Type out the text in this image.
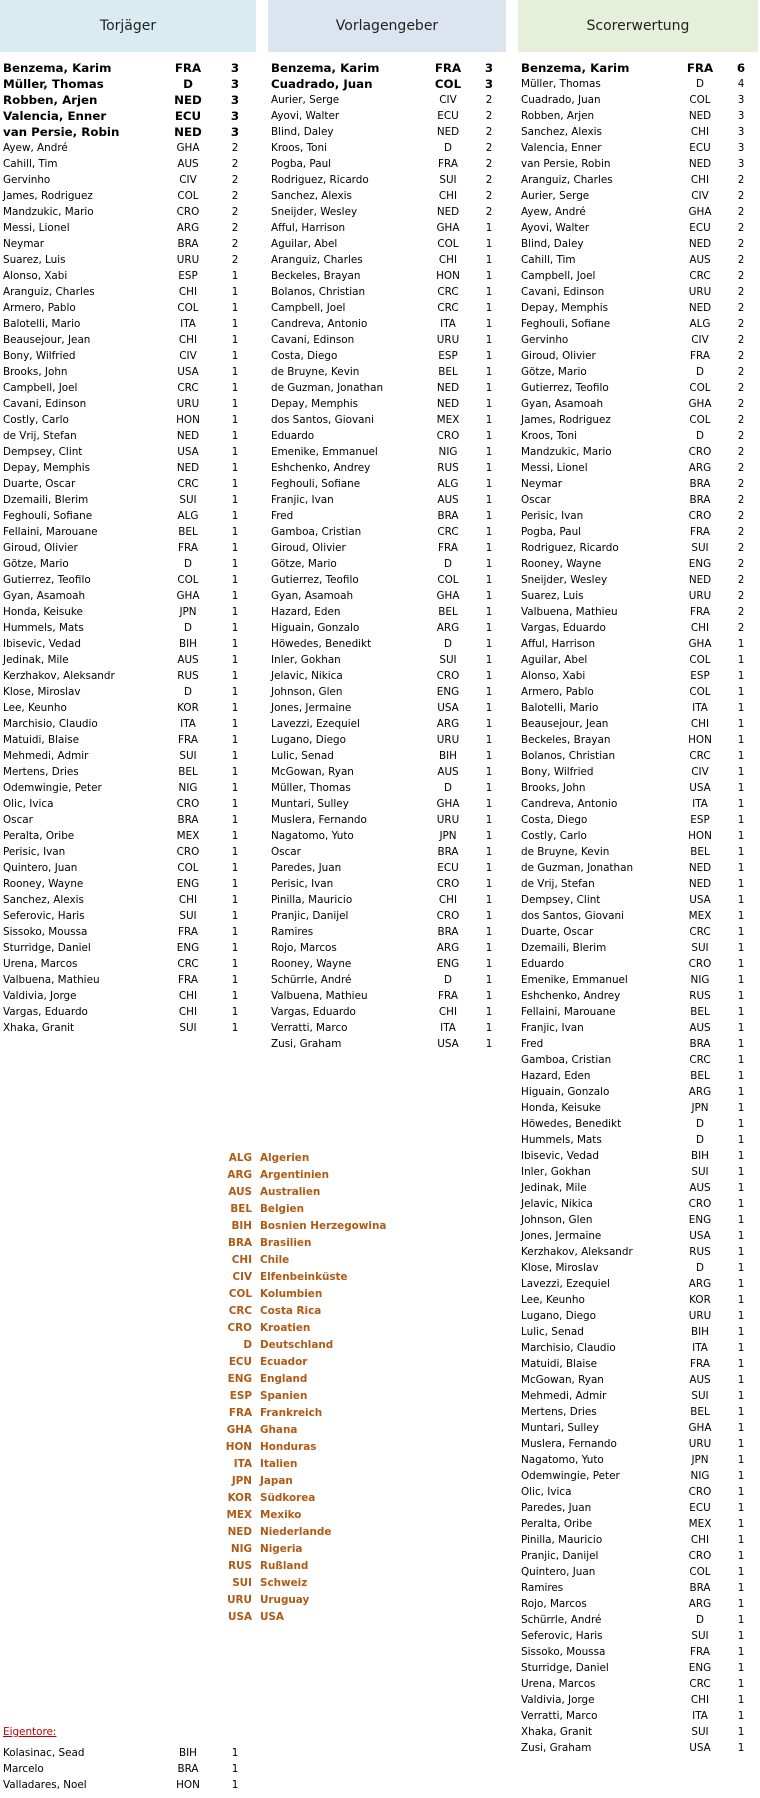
Torjäger	Vorlagengeber	Scorerwertung
Benzema, Karim	FRA	3
Müller, Thomas	D	3
Robben, Arjen	NED	3
Valencia, Enner	ECU	3
van Persie, Robin	NED	3
Ayew, André	GHA	2
Cahill, Tim	AUS	2
Gervinho	CIV	2
James, Rodriguez	COL	2
Mandzukic, Mario	CRO	2
Messi, Lionel	ARG	2
Neymar	BRA	2
Suarez, Luis	URU	2
Alonso, Xabi	ESP	1
Aranguiz, Charles	CHI	1
Armero, Pablo	COL	1
Balotelli, Mario	ITA	1
Beausejour, Jean	CHI	1
Bony, Wilfried	CIV	1
Brooks, John	USA	1
Campbell, Joel	CRC	1
Cavani, Edinson	URU	1
Costly, Carlo	HON	1
de Vrij, Stefan	NED	1
Dempsey, Clint	USA	1
Depay, Memphis	NED	1
Duarte, Oscar	CRC	1
Dzemaili, Blerim	SUI	1
Feghouli, Sofiane	ALG	1
Fellaini, Marouane	BEL	1
Giroud, Olivier	FRA	1
Götze, Mario	D	1
Gutierrez, Teofilo	COL	1
Gyan, Asamoah	GHA	1
Honda, Keisuke	JPN	1
Hummels, Mats	D	1
Ibisevic, Vedad	BIH	1
Jedinak, Mile	AUS	1
Kerzhakov, Aleksandr	RUS	1
Klose, Miroslav	D	1
Lee, Keunho	KOR	1
Marchisio, Claudio	ITA	1
Matuidi, Blaise	FRA	1
Mehmedi, Admir	SUI	1
Mertens, Dries	BEL	1
Odemwingie, Peter	NIG	1
Olic, Ivica	CRO	1
Oscar	BRA	1
Peralta, Oribe	MEX	1
Perisic, Ivan	CRO	1
Quintero, Juan	COL	1
Rooney, Wayne	ENG	1
Sanchez, Alexis	CHI	1
Seferovic, Haris	SUI	1
Sissoko, Moussa	FRA	1
Sturridge, Daniel	ENG	1
Urena, Marcos	CRC	1
Valbuena, Mathieu	FRA	1
Valdivia, Jorge	CHI	1
Vargas, Eduardo	CHI	1
Xhaka, Granit	SUI	1
Benzema, Karim	FRA	3
Cuadrado, Juan	COL	3
Aurier, Serge	CIV	2
Ayovi, Walter	ECU	2
Blind, Daley	NED	2
Kroos, Toni	D	2
Pogba, Paul	FRA	2
Rodriguez, Ricardo	SUI	2
Sanchez, Alexis	CHI	2
Sneijder, Wesley	NED	2
Afful, Harrison	GHA	1
Aguilar, Abel	COL	1
Aranguiz, Charles	CHI	1
Beckeles, Brayan	HON	1
Bolanos, Christian	CRC	1
Campbell, Joel	CRC	1
Candreva, Antonio	ITA	1
Cavani, Edinson	URU	1
Costa, Diego	ESP	1
de Bruyne, Kevin	BEL	1
de Guzman, Jonathan	NED	1
Depay, Memphis	NED	1
dos Santos, Giovani	MEX	1
Eduardo	CRO	1
Emenike, Emmanuel	NIG	1
Eshchenko, Andrey	RUS	1
Feghouli, Sofiane	ALG	1
Franjic, Ivan	AUS	1
Fred	BRA	1
Gamboa, Cristian	CRC	1
Giroud, Olivier	FRA	1
Götze, Mario	D	1
Gutierrez, Teofilo	COL	1
Gyan, Asamoah	GHA	1
Hazard, Eden	BEL	1
Higuain, Gonzalo	ARG	1
Höwedes, Benedikt	D	1
Inler, Gokhan	SUI	1
Jelavic, Nikica	CRO	1
Johnson, Glen	ENG	1
Jones, Jermaine	USA	1
Lavezzi, Ezequiel	ARG	1
Lugano, Diego	URU	1
Lulic, Senad	BIH	1
McGowan, Ryan	AUS	1
Müller, Thomas	D	1
Muntari, Sulley	GHA	1
Muslera, Fernando	URU	1
Nagatomo, Yuto	JPN	1
Oscar	BRA	1
Paredes, Juan	ECU	1
Perisic, Ivan	CRO	1
Pinilla, Mauricio	CHI	1
Pranjic, Danijel	CRO	1
Ramires	BRA	1
Rojo, Marcos	ARG	1
Rooney, Wayne	ENG	1
Schürrle, André	D	1
Valbuena, Mathieu	FRA	1
Vargas, Eduardo	CHI	1
Verratti, Marco	ITA	1
Zusi, Graham	USA	1
Benzema, Karim	FRA	6
Müller, Thomas	D	4
Cuadrado, Juan	COL	3
Robben, Arjen	NED	3
Sanchez, Alexis	CHI	3
Valencia, Enner	ECU	3
van Persie, Robin	NED	3
Aranguiz, Charles	CHI	2
Aurier, Serge	CIV	2
Ayew, André	GHA	2
Ayovi, Walter	ECU	2
Blind, Daley	NED	2
Cahill, Tim	AUS	2
Campbell, Joel	CRC	2
Cavani, Edinson	URU	2
Depay, Memphis	NED	2
Feghouli, Sofiane	ALG	2
Gervinho	CIV	2
Giroud, Olivier	FRA	2
Götze, Mario	D	2
Gutierrez, Teofilo	COL	2
Gyan, Asamoah	GHA	2
James, Rodriguez	COL	2
Kroos, Toni	D	2
Mandzukic, Mario	CRO	2
Messi, Lionel	ARG	2
Neymar	BRA	2
Oscar	BRA	2
Perisic, Ivan	CRO	2
Pogba, Paul	FRA	2
Rodriguez, Ricardo	SUI	2
Rooney, Wayne	ENG	2
Sneijder, Wesley	NED	2
Suarez, Luis	URU	2
Valbuena, Mathieu	FRA	2
Vargas, Eduardo	CHI	2
Afful, Harrison	GHA	1
Aguilar, Abel	COL	1
Alonso, Xabi	ESP	1
Armero, Pablo	COL	1
Balotelli, Mario	ITA	1
Beausejour, Jean	CHI	1
Beckeles, Brayan	HON	1
Bolanos, Christian	CRC	1
Bony, Wilfried	CIV	1
Brooks, John	USA	1
Candreva, Antonio	ITA	1
Costa, Diego	ESP	1
Costly, Carlo	HON	1
de Bruyne, Kevin	BEL	1
de Guzman, Jonathan	NED	1
de Vrij, Stefan	NED	1
Dempsey, Clint	USA	1
dos Santos, Giovani	MEX	1
Duarte, Oscar	CRC	1
Dzemaili, Blerim	SUI	1
Eduardo	CRO	1
Emenike, Emmanuel	NIG	1
Eshchenko, Andrey	RUS	1
Fellaini, Marouane	BEL	1
Franjic, Ivan	AUS	1
Fred	BRA	1
Gamboa, Cristian	CRC	1
Hazard, Eden	BEL	1
Higuain, Gonzalo	ARG	1
Honda, Keisuke	JPN	1
Höwedes, Benedikt	D	1
Hummels, Mats	D	1
Ibisevic, Vedad	BIH	1
Inler, Gokhan	SUI	1
Jedinak, Mile	AUS	1
Jelavic, Nikica	CRO	1
Johnson, Glen	ENG	1
Jones, Jermaine	USA	1
Kerzhakov, Aleksandr	RUS	1
Klose, Miroslav	D	1
Lavezzi, Ezequiel	ARG	1
Lee, Keunho	KOR	1
Lugano, Diego	URU	1
Lulic, Senad	BIH	1
Marchisio, Claudio	ITA	1
Matuidi, Blaise	FRA	1
McGowan, Ryan	AUS	1
Mehmedi, Admir	SUI	1
Mertens, Dries	BEL	1
Muntari, Sulley	GHA	1
Muslera, Fernando	URU	1
Nagatomo, Yuto	JPN	1
Odemwingie, Peter	NIG	1
Olic, Ivica	CRO	1
Paredes, Juan	ECU	1
Peralta, Oribe	MEX	1
Pinilla, Mauricio	CHI	1
Pranjic, Danijel	CRO	1
Quintero, Juan	COL	1
Ramires	BRA	1
Rojo, Marcos	ARG	1
Schürrle, André	D	1
Seferovic, Haris	SUI	1
Sissoko, Moussa	FRA	1
Sturridge, Daniel	ENG	1
Urena, Marcos	CRC	1
Valdivia, Jorge	CHI	1
Verratti, Marco	ITA	1
Xhaka, Granit	SUI	1
Zusi, Graham	USA	1
ALG Algerien
ARG Argentinien
AUS Australien
BEL Belgien
BIH Bosnien Herzegowina
BRA Brasilien
CHI Chile
CIV Elfenbeinküste
COL Kolumbien
CRC Costa Rica
CRO Kroatien
D Deutschland
ECU Ecuador
ENG England
ESP Spanien
FRA Frankreich
GHA Ghana
HON Honduras
ITA Italien
JPN Japan
KOR Südkorea
MEX Mexiko
NED Niederlande
NIG Nigeria
RUS Rußland
SUI Schweiz
URU Uruguay
USA USA
Eigentore:
Kolasinac, Sead	BIH	1
Marcelo	BRA	1
Valladares, Noel	HON	1
